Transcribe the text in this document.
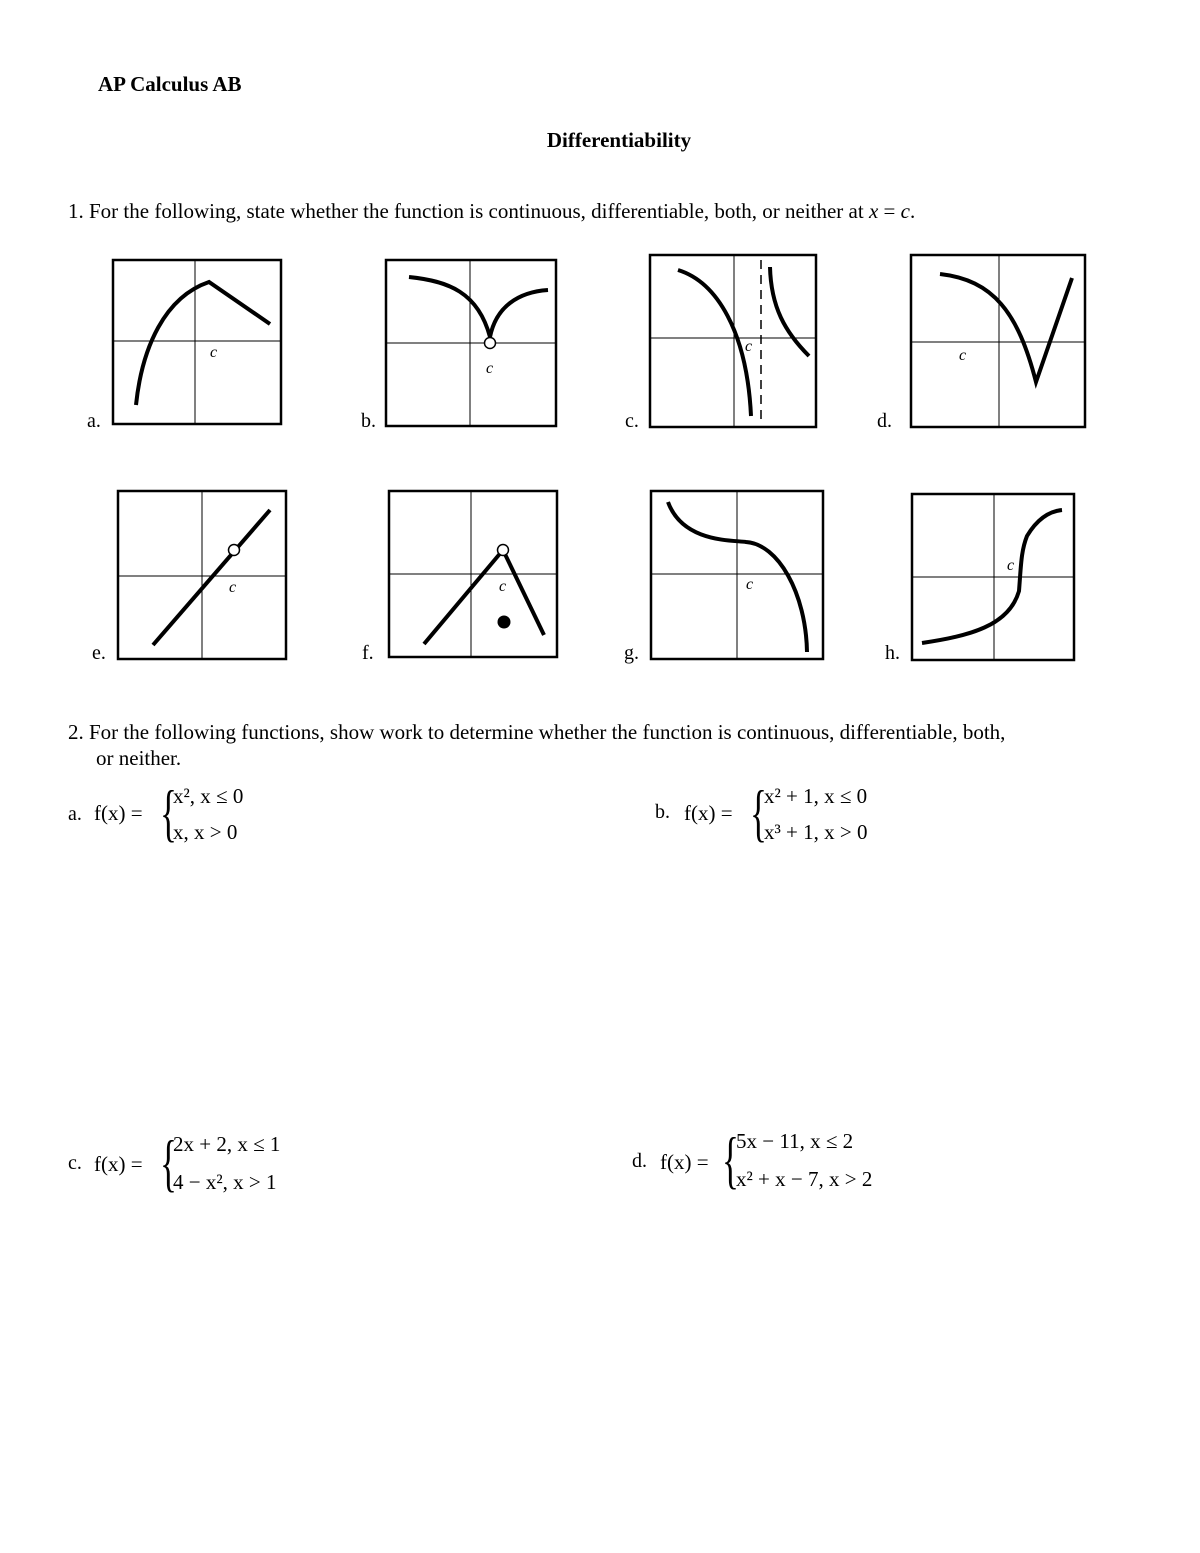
AP Calculus AB
Differentiability
1. For the following, state whether the function is continuous, differentiable, both, or neither at x = c.
a.	b.	c.	d.
e.	f.	g.	h.
c
c
c
c
c	c	c
c
2. For the following functions, show work to determine whether the function is continuous, differentiable, both,
or neither.
a. f(x) = {
x², x ≤ 0
x, x > 0
b. f(x) = {
x² + 1, x ≤ 0
x³ + 1, x > 0
c. f(x) = {
2x + 2, x ≤ 1
4 − x², x > 1
d. f(x) = {
5x − 11, x ≤ 2
x² + x − 7, x > 2
